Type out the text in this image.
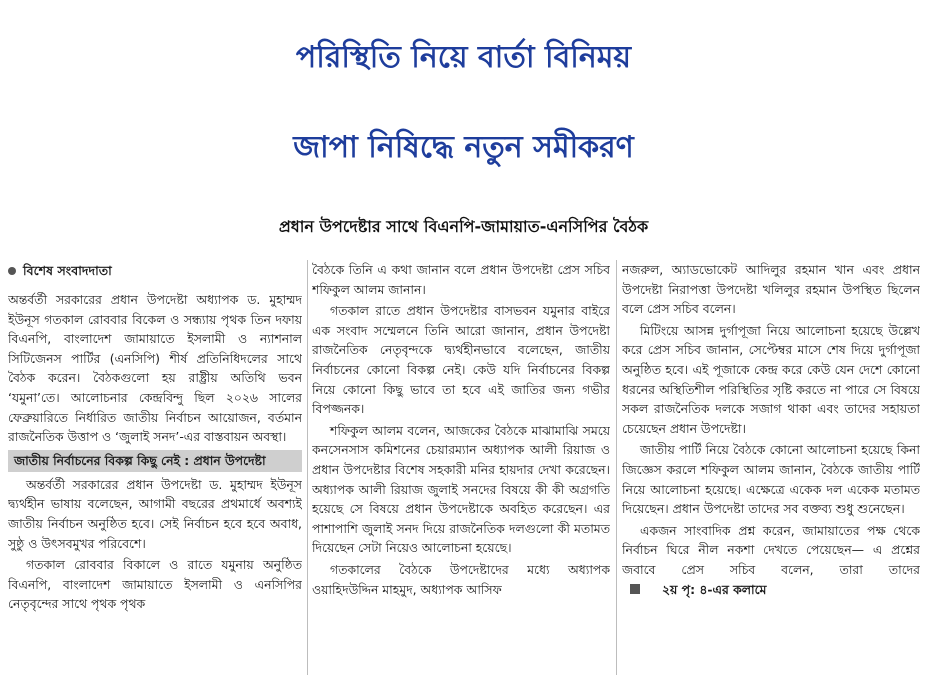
পরিস্থিতি নিয়ে বার্তা বিনিময়
জাপা নিষিদ্ধে নতুন সমীকরণ
প্রধান উপদেষ্টার সাথে বিএনপি-জামায়াত-এনসিপির বৈঠক
বিশেষ সংবাদদাতা

অন্তর্বর্তী সরকারের প্রধান উপদেষ্টা অধ্যাপক ড. মুহাম্মদ ইউনূস গতকাল রোববার বিকেল ও সন্ধ্যায় পৃথক তিন দফায় বিএনপি, বাংলাদেশ জামায়াতে ইসলামী ও ন্যাশনাল সিটিজেনস পার্টির (এনসিপি) শীর্ষ প্রতিনিধিদলের সাথে বৈঠক করেন। বৈঠকগুলো হয় রাষ্ট্রীয় অতিথি ভবন ‘যমুনা’তে। আলোচনার কেন্দ্রবিন্দু ছিল ২০২৬ সালের ফেব্রুয়ারিতে নির্ধারিত জাতীয় নির্বাচন আয়োজন, বর্তমান রাজনৈতিক উত্তাপ ও ‘জুলাই সনদ’-এর বাস্তবায়ন অবস্থা।

জাতীয় নির্বাচনের বিকল্প কিছু নেই : প্রধান উপদেষ্টা

অন্তর্বর্তী সরকারের প্রধান উপদেষ্টা ড. মুহাম্মদ ইউনূস দ্ব্যর্থহীন ভাষায় বলেছেন, আগামী বছরের প্রথমার্ধে অবশ্যই জাতীয় নির্বাচন অনুষ্ঠিত হবে। সেই নির্বাচন হবে হবে অবাধ, সুষ্ঠু ও উৎসবমুখর পরিবেশে।

গতকাল রোববার বিকালে ও রাতে যমুনায় অনুষ্ঠিত বিএনপি, বাংলাদেশ জামায়াতে ইসলামী ও এনসিপির নেতৃবৃন্দের সাথে পৃথক পৃথক

বৈঠকে তিনি এ কথা জানান বলে প্রধান উপদেষ্টা প্রেস সচিব শফিকুল আলম জানান।

গতকাল রাতে প্রধান উপদেষ্টার বাসভবন যমুনার বাইরে এক সংবাদ সম্মেলনে তিনি আরো জানান, প্রধান উপদেষ্টা রাজনৈতিক নেতৃবৃন্দকে দ্ব্যর্থহীনভাবে বলেছেন, জাতীয় নির্বাচনের কোনো বিকল্প নেই। কেউ যদি নির্বাচনের বিকল্প নিয়ে কোনো কিছু ভাবে তা হবে এই জাতির জন্য গভীর বিপজ্জনক।

শফিকুল আলম বলেন, আজকের বৈঠকে মাঝামাঝি সময়ে কনসেনসাস কমিশনের চেয়ারম্যান অধ্যাপক আলী রিয়াজ ও প্রধান উপদেষ্টার বিশেষ সহকারী মনির হায়দার দেখা করেছেন। অধ্যাপক আলী রিয়াজ জুলাই সনদের বিষয়ে কী কী অগ্রগতি হয়েছে সে বিষয়ে প্রধান উপদেষ্টাকে অবহিত করেছেন। এর পাশাপাশি জুলাই সনদ দিয়ে রাজনৈতিক দলগুলো কী মতামত দিয়েছেন সেটা নিয়েও আলোচনা হয়েছে।

গতকালের বৈঠকে উপদেষ্টাদের মধ্যে অধ্যাপক ওয়াহিদউদ্দিন মাহমুদ, অধ্যাপক আসিফ

নজরুল, অ্যাডভোকেট আদিলুর রহমান খান এবং প্রধান উপদেষ্টা নিরাপত্তা উপদেষ্টা খলিলুর রহমান উপস্থিত ছিলেন বলে প্রেস সচিব বলেন।

মিটিংয়ে আসন্ন দুর্গাপূজা নিয়ে আলোচনা হয়েছে উল্লেখ করে প্রেস সচিব জানান, সেপ্টেম্বর মাসে শেষ দিয়ে দুর্গাপূজা অনুষ্ঠিত হবে। এই পূজাকে কেন্দ্র করে কেউ যেন দেশে কোনো ধরনের অস্থিতিশীল পরিস্থিতির সৃষ্টি করতে না পারে সে বিষয়ে সকল রাজনৈতিক দলকে সজাগ থাকা এবং তাদের সহায়তা চেয়েছেন প্রধান উপদেষ্টা।

জাতীয় পার্টি নিয়ে বৈঠকে কোনো আলোচনা হয়েছে কিনা জিজ্ঞেস করলে শফিকুল আলম জানান, বৈঠকে জাতীয় পার্টি নিয়ে আলোচনা হয়েছে। এক্ষেত্রে একেক দল একেক মতামত দিয়েছেন। প্রধান উপদেষ্টা তাদের সব বক্তব্য শুধু শুনেছেন।

একজন সাংবাদিক প্রশ্ন করেন, জামায়াতের পক্ষ থেকে নির্বাচন ঘিরে নীল নকশা দেখতে পেয়েছেন— এ প্রশ্নের জবাবে প্রেস সচিব বলেন, তারা তাদের
২য় পৃ: ৪-এর কলামে
